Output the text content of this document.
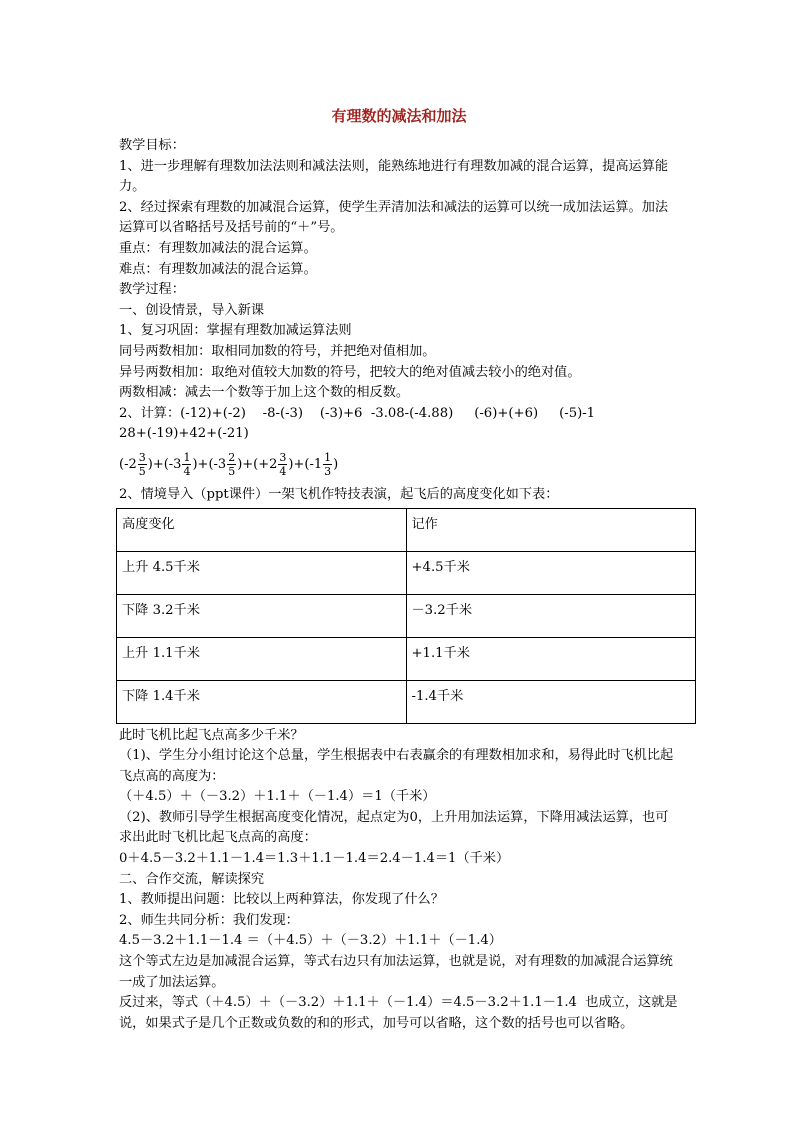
有理数的减法和加法

教学目标：

1、进一步理解有理数加法法则和减法法则，能熟练地进行有理数加减的混合运算，提高运算能力。

2、经过探索有理数的加减混合运算，使学生弄清加法和减法的运算可以统一成加法运算。加法运算可以省略括号及括号前的“＋”号。

重点：有理数加减法的混合运算。

难点：有理数加减法的混合运算。

教学过程：

一、创设情景，导入新课

1、复习巩固：掌握有理数加减运算法则

同号两数相加：取相同加数的符号，并把绝对值相加。

异号两数相加：取绝对值较大加数的符号，把较大的绝对值减去较小的绝对值。

两数相减：减去一个数等于加上这个数的相反数。

2、计算：(-12)+(-2) -8-(-3) (-3)+6 -3.08-(-4.88) (-6)+(+6) (-5)-1

28+(-19)+42+(-21)

$(-2 \frac{3}{5} )+(-3 \frac{1}{4} )+(-3 \frac{2}{5} )+(+2 \frac{3}{4} )+(-1 \frac{1}{3}$ )

2、情境导入（ppt课件）一架飞机作特技表演，起飞后的高度变化如下表：

高度变化	记作
上升 4.5千米	+4.5千米
下降 3.2千米	－3.2千米
上升 1.1千米	+1.1千米
下降 1.4千米	-1.4千米

此时飞机比起飞点高多少千米？

（1)、学生分小组讨论这个总量，学生根据表中右表赢余的有理数相加求和，易得此时飞机比起飞点高的高度为：

（＋4.5）＋（－3.2）＋1.1＋（－1.4）＝1（千米）

（2)、教师引导学生根据高度变化情况，起点定为0，上升用加法运算，下降用减法运算，也可求出此时飞机比起飞点高的高度：

0＋4.5－3.2＋1.1－1.4＝1.3＋1.1－1.4＝2.4－1.4＝1（千米）

二、合作交流，解读探究

1、教师提出问题：比较以上两种算法，你发现了什么？

2、师生共同分析：我们发现：

4.5－3.2＋1.1－1.4 ＝（＋4.5）＋（－3.2）＋1.1＋（－1.4）

这个等式左边是加减混合运算，等式右边只有加法运算，也就是说，对有理数的加减混合运算统一成了加法运算。

反过来，等式（＋4.5）＋（－3.2）＋1.1＋（－1.4）＝4.5－3.2＋1.1－1.4  也成立，这就是说，如果式子是几个正数或负数的和的形式，加号可以省略，这个数的括号也可以省略。
